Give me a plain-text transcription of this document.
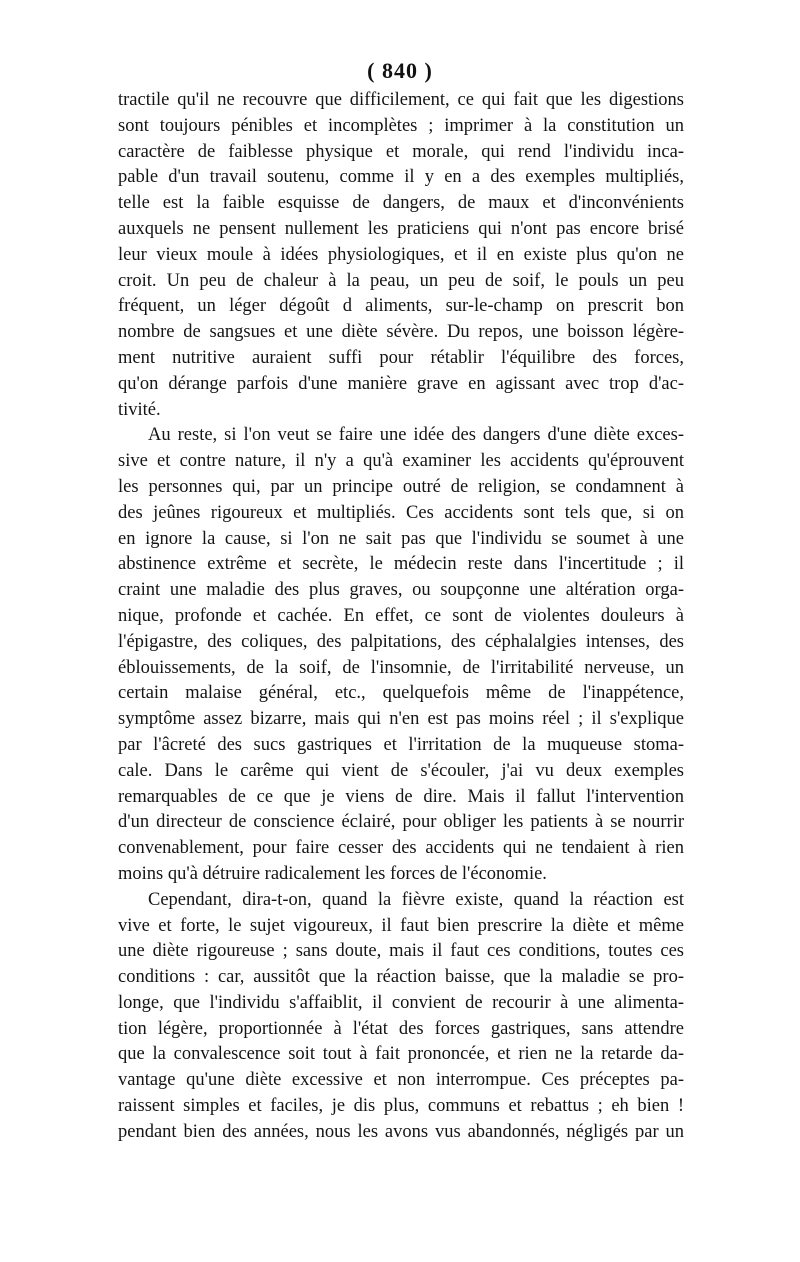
( 840 )
tractile qu'il ne recouvre que difficilement, ce qui fait que les digestions
sont toujours pénibles et incomplètes ; imprimer à la constitution un
caractère de faiblesse physique et morale, qui rend l'individu inca-
pable d'un travail soutenu, comme il y en a des exemples multipliés,
telle est la faible esquisse de dangers, de maux et d'inconvénients
auxquels ne pensent nullement les praticiens qui n'ont pas encore brisé
leur vieux moule à idées physiologiques, et il en existe plus qu'on ne
croit. Un peu de chaleur à la peau, un peu de soif, le pouls un peu
fréquent, un léger dégoût d aliments, sur-le-champ on prescrit bon
nombre de sangsues et une diète sévère. Du repos, une boisson légère-
ment nutritive auraient suffi pour rétablir l'équilibre des forces,
qu'on dérange parfois d'une manière grave en agissant avec trop d'ac-
tivité.
Au reste, si l'on veut se faire une idée des dangers d'une diète exces-
sive et contre nature, il n'y a qu'à examiner les accidents qu'éprouvent
les personnes qui, par un principe outré de religion, se condamnent à
des jeûnes rigoureux et multipliés. Ces accidents sont tels que, si on
en ignore la cause, si l'on ne sait pas que l'individu se soumet à une
abstinence extrême et secrète, le médecin reste dans l'incertitude ; il
craint une maladie des plus graves, ou soupçonne une altération orga-
nique, profonde et cachée. En effet, ce sont de violentes douleurs à
l'épigastre, des coliques, des palpitations, des céphalalgies intenses, des
éblouissements, de la soif, de l'insomnie, de l'irritabilité nerveuse, un
certain malaise général, etc., quelquefois même de l'inappétence,
symptôme assez bizarre, mais qui n'en est pas moins réel ; il s'explique
par l'âcreté des sucs gastriques et l'irritation de la muqueuse stoma-
cale. Dans le carême qui vient de s'écouler, j'ai vu deux exemples
remarquables de ce que je viens de dire. Mais il fallut l'intervention
d'un directeur de conscience éclairé, pour obliger les patients à se nourrir
convenablement, pour faire cesser des accidents qui ne tendaient à rien
moins qu'à détruire radicalement les forces de l'économie.
Cependant, dira-t-on, quand la fièvre existe, quand la réaction est
vive et forte, le sujet vigoureux, il faut bien prescrire la diète et même
une diète rigoureuse ; sans doute, mais il faut ces conditions, toutes ces
conditions : car, aussitôt que la réaction baisse, que la maladie se pro-
longe, que l'individu s'affaiblit, il convient de recourir à une alimenta-
tion légère, proportionnée à l'état des forces gastriques, sans attendre
que la convalescence soit tout à fait prononcée, et rien ne la retarde da-
vantage qu'une diète excessive et non interrompue. Ces préceptes pa-
raissent simples et faciles, je dis plus, communs et rebattus ; eh bien !
pendant bien des années, nous les avons vus abandonnés, négligés par un
